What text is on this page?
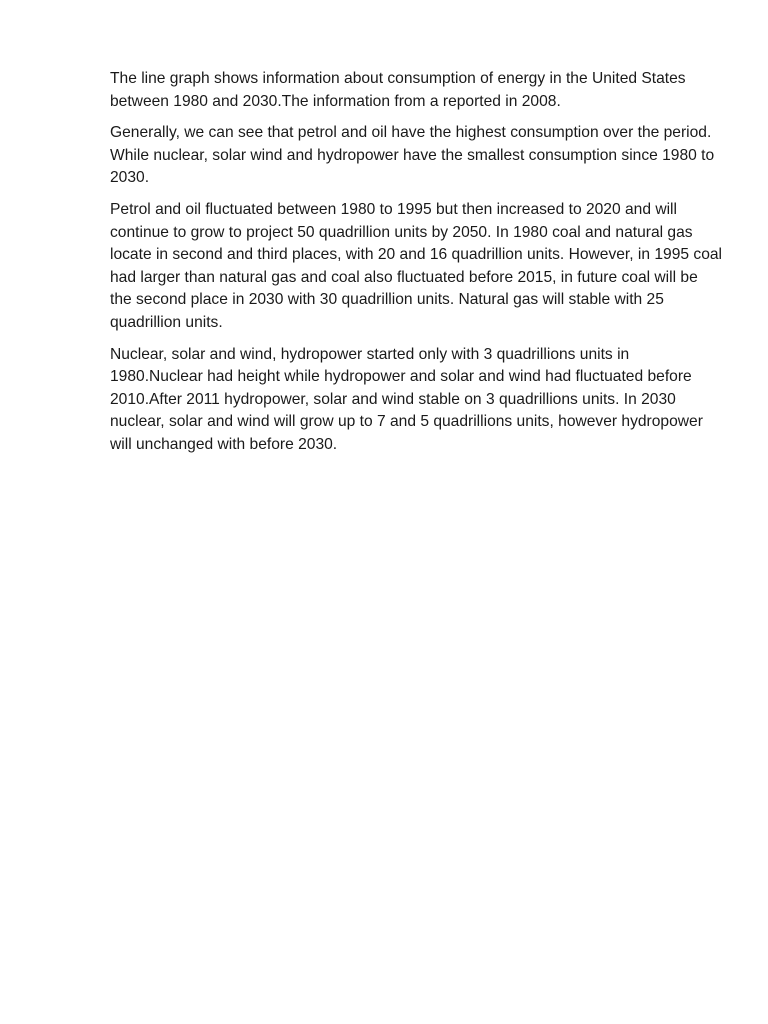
The line graph shows information about consumption of energy in the United States between 1980 and 2030.The information from a reported in 2008.

Generally, we can see that petrol and oil have the highest consumption over the period. While nuclear, solar wind and hydropower have the smallest consumption since 1980 to 2030.

Petrol and oil fluctuated between 1980 to 1995 but then increased to 2020 and will continue to grow to project 50 quadrillion units by 2050. In 1980 coal and natural gas locate in second and third places, with 20 and 16 quadrillion units. However, in 1995 coal had larger than natural gas and coal also fluctuated before 2015, in future coal will be the second place in 2030 with 30 quadrillion units. Natural gas will stable with 25 quadrillion units.

Nuclear, solar and wind, hydropower started only with 3 quadrillions units in 1980.Nuclear had height while hydropower and solar and wind had fluctuated before 2010.After 2011 hydropower, solar and wind stable on 3 quadrillions units. In 2030 nuclear, solar and wind will grow up to 7 and 5 quadrillions units, however hydropower will unchanged with before 2030.
